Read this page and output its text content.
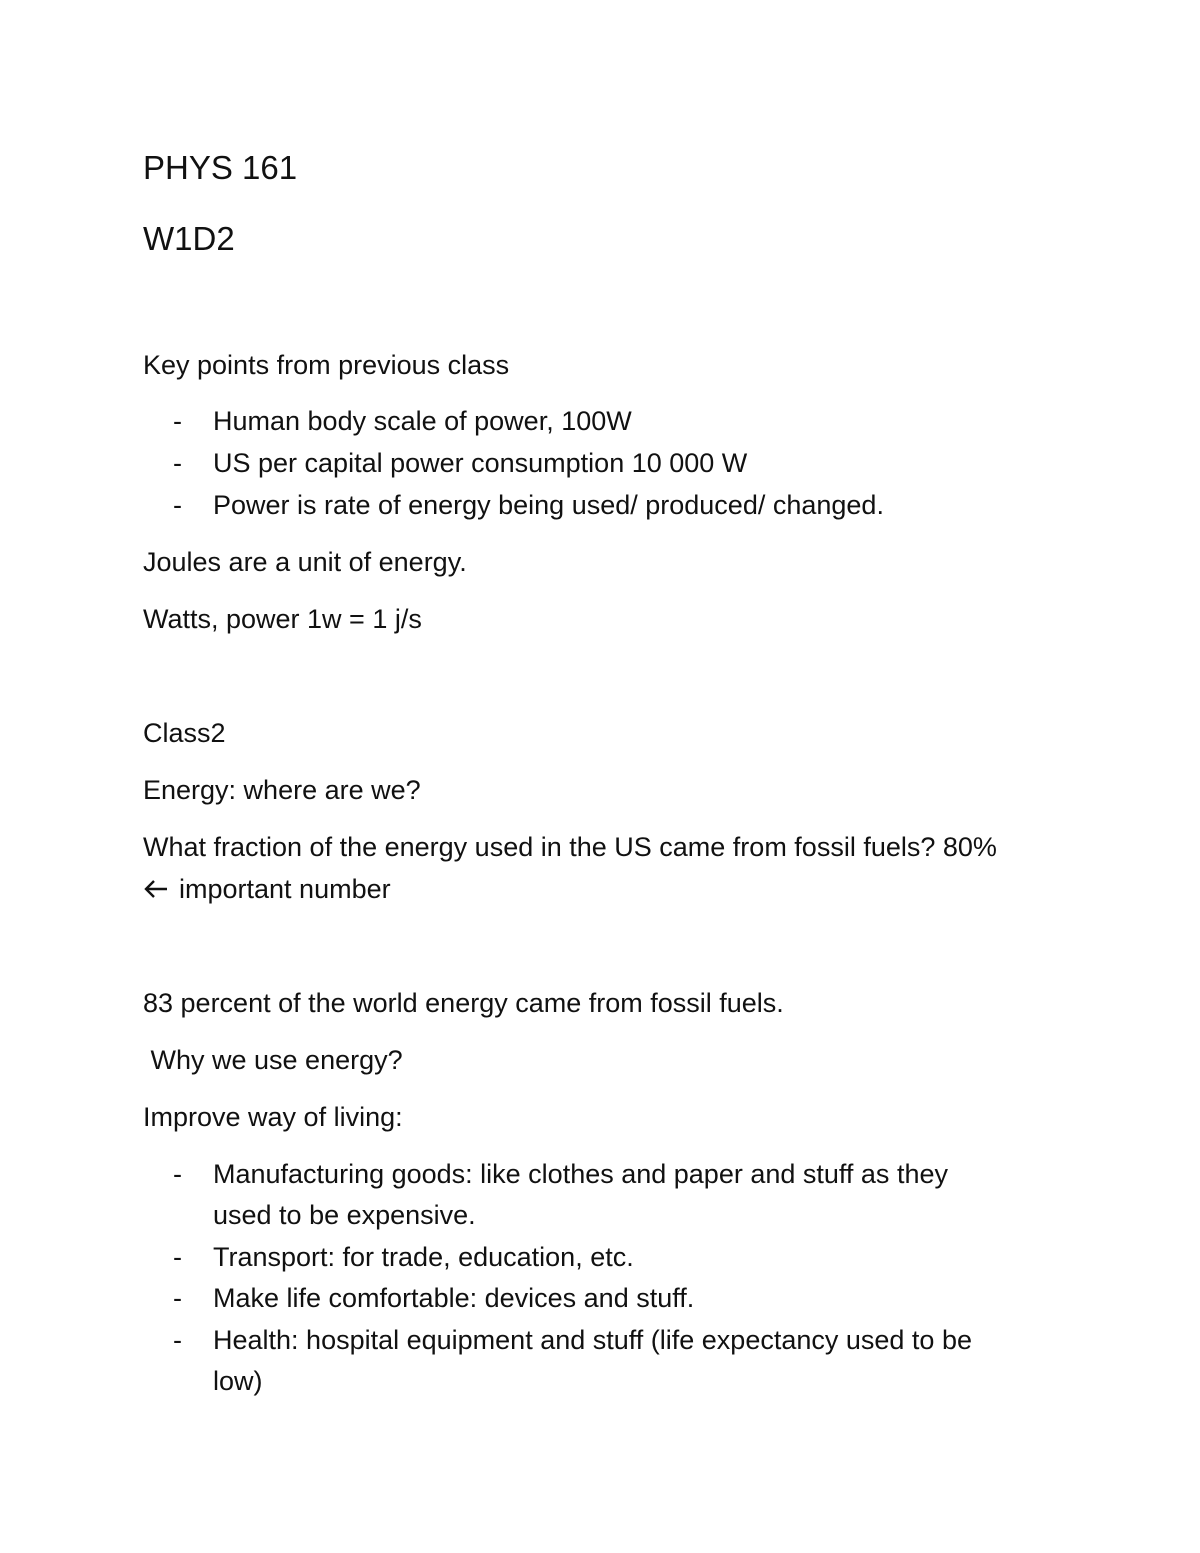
PHYS 161
W1D2
Key points from previous class
- Human body scale of power, 100W
- US per capital power consumption 10 000 W
- Power is rate of energy being used/ produced/ changed.
Joules are a unit of energy.
Watts, power 1w = 1 j/s
Class2
Energy: where are we?
What fraction of the energy used in the US came from fossil fuels? 80%
important number
83 percent of the world energy came from fossil fuels.
Why we use energy?
Improve way of living:
- Manufacturing goods: like clothes and paper and stuff as they
used to be expensive.
- Transport: for trade, education, etc.
- Make life comfortable: devices and stuff.
- Health: hospital equipment and stuff (life expectancy used to be
low)
